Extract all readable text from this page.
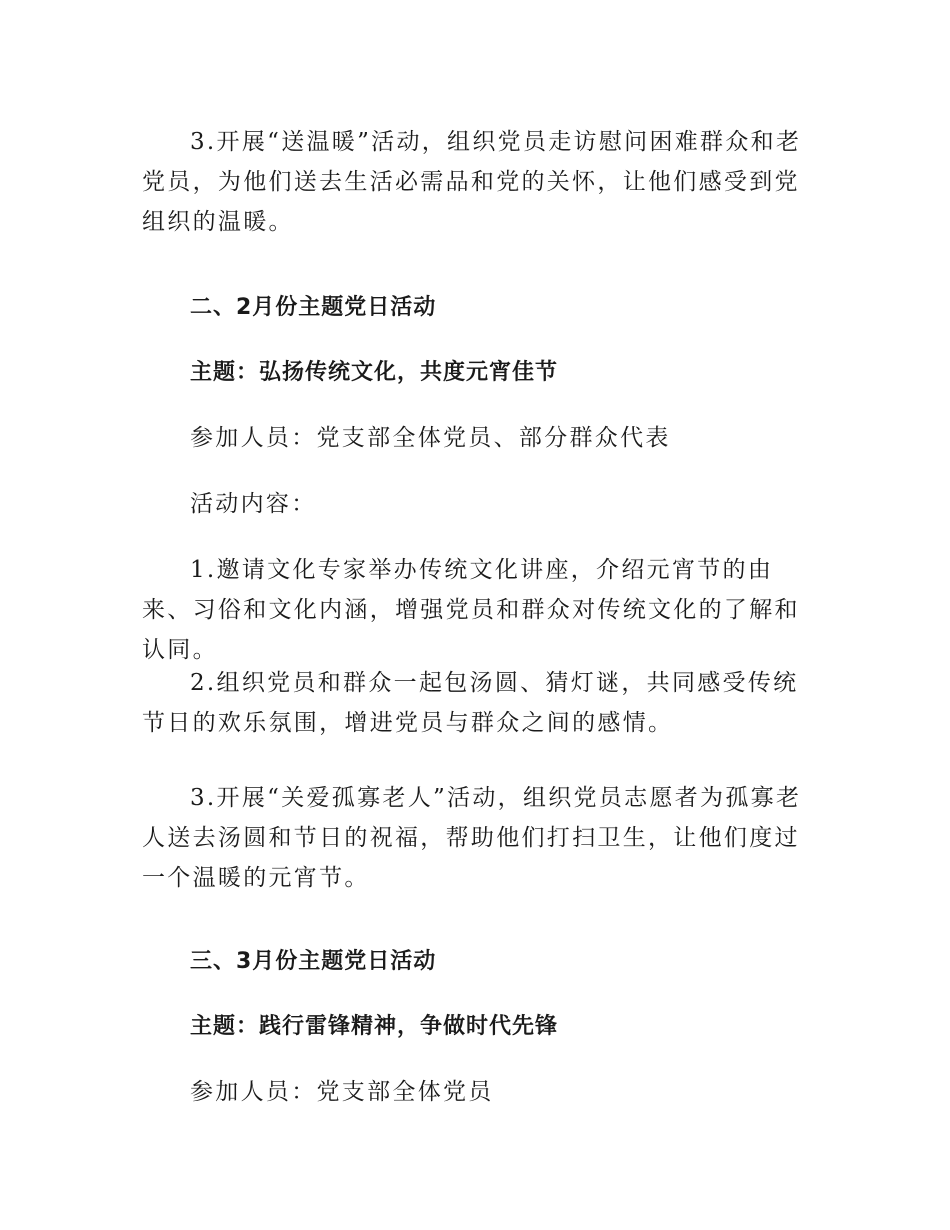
3.开展“送温暖”活动，组织党员走访慰问困难群众和老党员，为他们送去生活必需品和党的关怀，让他们感受到党组织的温暖。

二、2月份主题党日活动
主题：弘扬传统文化，共度元宵佳节

参加人员：党支部全体党员、部分群众代表

活动内容：

1.邀请文化专家举办传统文化讲座，介绍元宵节的由来、习俗和文化内涵，增强党员和群众对传统文化的了解和认同。

2.组织党员和群众一起包汤圆、猜灯谜，共同感受传统节日的欢乐氛围，增进党员与群众之间的感情。

3.开展“关爱孤寡老人”活动，组织党员志愿者为孤寡老人送去汤圆和节日的祝福，帮助他们打扫卫生，让他们度过一个温暖的元宵节。

三、3月份主题党日活动
主题：践行雷锋精神，争做时代先锋

参加人员：党支部全体党员
